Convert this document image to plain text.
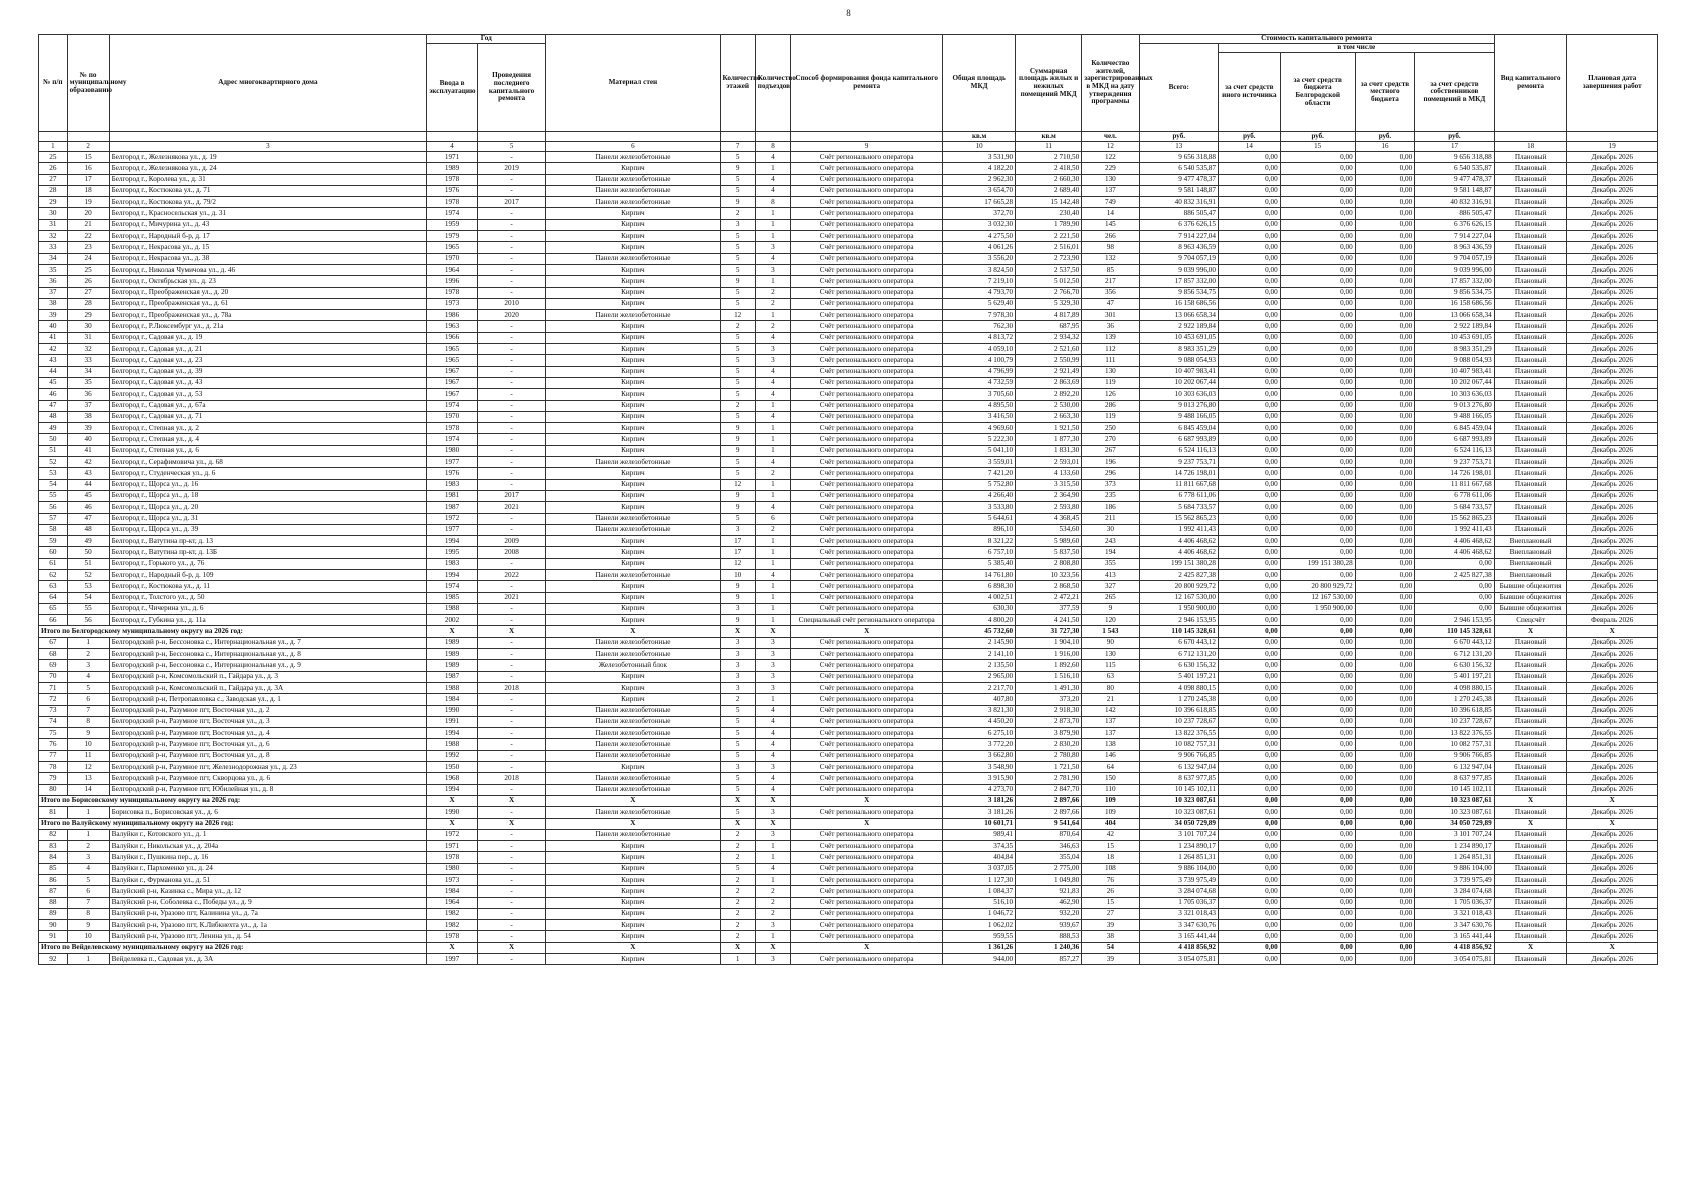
8
№ п/п	№ по муниципальному образованию	Адрес многоквартирного дома	Год		Материал стен	Количество этажей	Количество подъездов	Способ формирования фонда капитального ремонта	Общая площадь МКД	Суммарная площадь жилых и нежилых помещений МКД	Количество жителей, зарегистрированных в МКД на дату утверждения программы	Стоимость капитального ремонта					Вид капитального ремонта	Плановая дата завершения работ
			Ввода в эксплуатацию	Проведения последнего капитального ремонта								Всего:	в том числе					
													за счет средств иного источника	за счет средств бюджета Белгородской области	за счет средств местного бюджета	за счет средств собственников помещений в МКД		
									кв.м	кв.м	чел.	руб.	руб.	руб.	руб.	руб.		
1	2	3	4	5	6	7	8	9	10	11	12	13	14	15	16	17	18	19
25	15	Белгород г., Железнякова ул., д. 19	1971	-	Панели железобетонные	5	4	Счёт регионального оператора	3 531,90	2 710,50	122	9 656 318,88	0,00	0,00	0,00	9 656 318,88	Плановый	Декабрь 2026
26	16	Белгород г., Железнякова ул., д. 24	1989	2019	Кирпич	9	1	Счёт регионального оператора	4 182,20	2 418,50	229	6 540 535,87	0,00	0,00	0,00	6 540 535,87	Плановый	Декабрь 2026
27	17	Белгород г., Королева ул., д. 31	1978	-	Панели железобетонные	5	4	Счёт регионального оператора	2 962,30	2 660,30	130	9 477 478,37	0,00	0,00	0,00	9 477 478,37	Плановый	Декабрь 2026
28	18	Белгород г., Костюкова ул., д. 71	1976	-	Панели железобетонные	5	4	Счёт регионального оператора	3 654,70	2 689,40	137	9 581 148,87	0,00	0,00	0,00	9 581 148,87	Плановый	Декабрь 2026
29	19	Белгород г., Костюкова ул., д. 79/2	1978	2017	Панели железобетонные	9	8	Счёт регионального оператора	17 665,28	15 142,48	749	40 832 316,91	0,00	0,00	0,00	40 832 316,91	Плановый	Декабрь 2026
30	20	Белгород г., Красносельская ул., д. 31	1974	-	Кирпич	2	1	Счёт регионального оператора	372,70	230,40	14	886 505,47	0,00	0,00	0,00	886 505,47	Плановый	Декабрь 2026
31	21	Белгород г., Мичурина ул., д. 43	1959	-	Кирпич	3	1	Счёт регионального оператора	3 032,30	1 789,90	145	6 376 626,15	0,00	0,00	0,00	6 376 626,15	Плановый	Декабрь 2026
32	22	Белгород г., Народный б-р, д. 17	1979	-	Кирпич	5	1	Счёт регионального оператора	4 275,50	2 221,50	266	7 914 227,04	0,00	0,00	0,00	7 914 227,04	Плановый	Декабрь 2026
33	23	Белгород г., Некрасова ул., д. 15	1965	-	Кирпич	5	3	Счёт регионального оператора	4 061,26	2 516,01	98	8 963 436,59	0,00	0,00	0,00	8 963 436,59	Плановый	Декабрь 2026
34	24	Белгород г., Некрасова ул., д. 38	1970	-	Панели железобетонные	5	4	Счёт регионального оператора	3 556,20	2 723,90	132	9 704 057,19	0,00	0,00	0,00	9 704 057,19	Плановый	Декабрь 2026
35	25	Белгород г., Николая Чумичова ул., д. 46	1964	-	Кирпич	5	3	Счёт регионального оператора	3 824,50	2 537,50	85	9 039 996,00	0,00	0,00	0,00	9 039 996,00	Плановый	Декабрь 2026
36	26	Белгород г., Октябрьская ул., д. 23	1996	-	Кирпич	9	1	Счёт регионального оператора	7 219,10	5 012,50	217	17 857 332,00	0,00	0,00	0,00	17 857 332,00	Плановый	Декабрь 2026
37	27	Белгород г., Преображенская ул., д. 20	1978	-	Кирпич	5	2	Счёт регионального оператора	4 793,70	2 766,70	356	9 856 534,75	0,00	0,00	0,00	9 856 534,75	Плановый	Декабрь 2026
38	28	Белгород г., Преображенская ул., д. 61	1973	2010	Кирпич	5	2	Счёт регионального оператора	5 629,40	5 329,30	47	16 158 686,56	0,00	0,00	0,00	16 158 686,56	Плановый	Декабрь 2026
39	29	Белгород г., Преображенская ул., д. 78а	1986	2020	Панели железобетонные	12	1	Счёт регионального оператора	7 978,30	4 817,89	301	13 066 658,34	0,00	0,00	0,00	13 066 658,34	Плановый	Декабрь 2026
40	30	Белгород г., Р.Люксембург ул., д. 21а	1963	-	Кирпич	2	2	Счёт регионального оператора	762,30	687,95	36	2 922 189,84	0,00	0,00	0,00	2 922 189,84	Плановый	Декабрь 2026
41	31	Белгород г., Садовая ул., д. 19	1966	-	Кирпич	5	4	Счёт регионального оператора	4 813,72	2 934,32	139	10 453 691,05	0,00	0,00	0,00	10 453 691,05	Плановый	Декабрь 2026
42	32	Белгород г., Садовая ул., д. 21	1965	-	Кирпич	5	3	Счёт регионального оператора	4 059,10	2 521,60	112	8 983 351,29	0,00	0,00	0,00	8 983 351,29	Плановый	Декабрь 2026
43	33	Белгород г., Садовая ул., д. 23	1965	-	Кирпич	5	3	Счёт регионального оператора	4 100,79	2 550,99	111	9 088 054,93	0,00	0,00	0,00	9 088 054,93	Плановый	Декабрь 2026
44	34	Белгород г., Садовая ул., д. 39	1967	-	Кирпич	5	4	Счёт регионального оператора	4 796,99	2 921,49	130	10 407 983,41	0,00	0,00	0,00	10 407 983,41	Плановый	Декабрь 2026
45	35	Белгород г., Садовая ул., д. 43	1967	-	Кирпич	5	4	Счёт регионального оператора	4 732,59	2 863,69	119	10 202 067,44	0,00	0,00	0,00	10 202 067,44	Плановый	Декабрь 2026
46	36	Белгород г., Садовая ул., д. 53	1967	-	Кирпич	5	4	Счёт регионального оператора	3 705,60	2 892,20	126	10 303 636,03	0,00	0,00	0,00	10 303 636,03	Плановый	Декабрь 2026
47	37	Белгород г., Садовая ул., д. 67а	1974	-	Кирпич	2	1	Счёт регионального оператора	4 895,50	2 530,00	286	9 013 276,80	0,00	0,00	0,00	9 013 276,80	Плановый	Декабрь 2026
48	38	Белгород г., Садовая ул., д. 71	1970	-	Кирпич	5	4	Счёт регионального оператора	3 416,50	2 663,30	119	9 488 166,05	0,00	0,00	0,00	9 488 166,05	Плановый	Декабрь 2026
49	39	Белгород г., Степная ул., д. 2	1978	-	Кирпич	9	1	Счёт регионального оператора	4 969,60	1 921,50	250	6 845 459,04	0,00	0,00	0,00	6 845 459,04	Плановый	Декабрь 2026
50	40	Белгород г., Степная ул., д. 4	1974	-	Кирпич	9	1	Счёт регионального оператора	5 222,30	1 877,30	270	6 687 993,89	0,00	0,00	0,00	6 687 993,89	Плановый	Декабрь 2026
51	41	Белгород г., Степная ул., д. 6	1980	-	Кирпич	9	1	Счёт регионального оператора	5 041,10	1 831,30	267	6 524 116,13	0,00	0,00	0,00	6 524 116,13	Плановый	Декабрь 2026
52	42	Белгород г., Серафимовича ул., д. 68	1977	-	Панели железобетонные	5	4	Счёт регионального оператора	3 559,01	2 593,01	196	9 237 753,71	0,00	0,00	0,00	9 237 753,71	Плановый	Декабрь 2026
53	43	Белгород г., Студенческая ул., д. 6	1976	-	Кирпич	5	2	Счёт регионального оператора	7 421,20	4 133,60	296	14 726 198,01	0,00	0,00	0,00	14 726 198,01	Плановый	Декабрь 2026
54	44	Белгород г., Щорса ул., д. 16	1983	-	Кирпич	12	1	Счёт регионального оператора	5 752,80	3 315,50	373	11 811 667,68	0,00	0,00	0,00	11 811 667,68	Плановый	Декабрь 2026
55	45	Белгород г., Щорса ул., д. 18	1981	2017	Кирпич	9	1	Счёт регионального оператора	4 266,40	2 364,90	235	6 778 611,06	0,00	0,00	0,00	6 778 611,06	Плановый	Декабрь 2026
56	46	Белгород г., Щорса ул., д. 20	1987	2021	Кирпич	9	4	Счёт регионального оператора	3 533,80	2 593,80	186	5 684 733,57	0,00	0,00	0,00	5 684 733,57	Плановый	Декабрь 2026
57	47	Белгород г., Щорса ул., д. 31	1972	-	Панели железобетонные	5	6	Счёт регионального оператора	5 644,61	4 368,45	211	15 562 865,23	0,00	0,00	0,00	15 562 865,23	Плановый	Декабрь 2026
58	48	Белгород г., Щорса ул., д. 39	1977	-	Панели железобетонные	3	2	Счёт регионального оператора	896,10	534,60	30	1 992 411,43	0,00	0,00	0,00	1 992 411,43	Плановый	Декабрь 2026
59	49	Белгород г., Ватутина пр-кт, д. 13	1994	2009	Кирпич	17	1	Счёт регионального оператора	8 321,22	5 989,60	243	4 406 468,62	0,00	0,00	0,00	4 406 468,62	Внеплановый	Декабрь 2026
60	50	Белгород г., Ватутина пр-кт, д. 13Б	1995	2008	Кирпич	17	1	Счёт регионального оператора	6 757,10	5 837,50	194	4 406 468,62	0,00	0,00	0,00	4 406 468,62	Внеплановый	Декабрь 2026
61	51	Белгород г., Горького ул., д. 76	1983	-	Кирпич	12	1	Счёт регионального оператора	5 385,40	2 808,80	355	199 151 380,28	0,00	199 151 380,28	0,00	0,00	Внеплановый	Декабрь 2026
62	52	Белгород г., Народный б-р, д. 109	1994	2022	Панели железобетонные	10	4	Счёт регионального оператора	14 761,80	10 323,56	413	2 425 827,38	0,00	0,00	0,00	2 425 827,38	Внеплановый	Декабрь 2026
63	53	Белгород г., Костюкова ул., д. 11	1974	-	Кирпич	9	1	Счёт регионального оператора	6 898,30	2 868,50	327	20 800 929,72	0,00	20 800 929,72	0,00	0,00	Бывшие общежития	Декабрь 2026
64	54	Белгород г., Толстого ул., д. 50	1985	2021	Кирпич	9	1	Счёт регионального оператора	4 002,51	2 472,21	265	12 167 530,00	0,00	12 167 530,00	0,00	0,00	Бывшие общежития	Декабрь 2026
65	55	Белгород г., Чичерина ул., д. 6	1988	-	Кирпич	3	1	Счёт регионального оператора	630,30	377,59	9	1 950 900,00	0,00	1 950 900,00	0,00	0,00	Бывшие общежития	Декабрь 2026
66	56	Белгород г., Губкина ул., д. 11а	2002	-	Кирпич	9	1	Специальный счёт регионального оператора	4 800,20	4 241,50	120	2 946 153,95	0,00	0,00	0,00	2 946 153,95	Спецсчёт	Февраль 2026
Итого по Белгородскому муниципальному округу на 2026 год:			X	X	X	X	X	X	45 732,60	31 727,30	1 543	110 145 328,61	0,00	0,00	0,00	110 145 328,61	X	X
67	1	Белгородский р-н, Бессоновка с., Интернациональная ул., д. 7	1989	-	Панели железобетонные	3	3	Счёт регионального оператора	2 145,90	1 904,10	90	6 670 443,12	0,00	0,00	0,00	6 670 443,12	Плановый	Декабрь 2026
68	2	Белгородский р-н, Бессоновка с., Интернациональная ул., д. 8	1989	-	Панели железобетонные	3	3	Счёт регионального оператора	2 141,10	1 916,00	130	6 712 131,20	0,00	0,00	0,00	6 712 131,20	Плановый	Декабрь 2026
69	3	Белгородский р-н, Бессоновка с., Интернациональная ул., д. 9	1989	-	Железобетонный блок	3	3	Счёт регионального оператора	2 135,50	1 892,60	115	6 630 156,32	0,00	0,00	0,00	6 630 156,32	Плановый	Декабрь 2026
70	4	Белгородский р-н, Комсомольский п., Гайдара ул., д. 3	1987	-	Кирпич	3	3	Счёт регионального оператора	2 965,00	1 516,10	63	5 401 197,21	0,00	0,00	0,00	5 401 197,21	Плановый	Декабрь 2026
71	5	Белгородский р-н, Комсомольский п., Гайдара ул., д. 3А	1988	2018	Кирпич	3	3	Счёт регионального оператора	2 217,70	1 491,30	80	4 098 880,15	0,00	0,00	0,00	4 098 880,15	Плановый	Декабрь 2026
72	6	Белгородский р-н, Петропавловка с., Заводская ул., д. 1	1984	-	Кирпич	2	1	Счёт регионального оператора	407,80	373,20	21	1 270 245,38	0,00	0,00	0,00	1 270 245,38	Плановый	Декабрь 2026
73	7	Белгородский р-н, Разумное пгт, Восточная ул., д. 2	1990	-	Панели железобетонные	5	4	Счёт регионального оператора	3 821,30	2 918,30	142	10 396 618,85	0,00	0,00	0,00	10 396 618,85	Плановый	Декабрь 2026
74	8	Белгородский р-н, Разумное пгт, Восточная ул., д. 3	1991	-	Панели железобетонные	5	4	Счёт регионального оператора	4 450,20	2 873,70	137	10 237 728,67	0,00	0,00	0,00	10 237 728,67	Плановый	Декабрь 2026
75	9	Белгородский р-н, Разумное пгт, Восточная ул., д. 4	1994	-	Панели железобетонные	5	4	Счёт регионального оператора	6 275,10	3 879,90	137	13 822 376,55	0,00	0,00	0,00	13 822 376,55	Плановый	Декабрь 2026
76	10	Белгородский р-н, Разумное пгт, Восточная ул., д. 6	1988	-	Панели железобетонные	5	4	Счёт регионального оператора	3 772,20	2 830,20	138	10 082 757,31	0,00	0,00	0,00	10 082 757,31	Плановый	Декабрь 2026
77	11	Белгородский р-н, Разумное пгт, Восточная ул., д. 8	1992	-	Панели железобетонные	5	4	Счёт регионального оператора	3 662,80	2 780,80	146	9 906 766,85	0,00	0,00	0,00	9 906 766,85	Плановый	Декабрь 2026
78	12	Белгородский р-н, Разумное пгт, Железнодорожная ул., д. 23	1950	-	Кирпич	3	3	Счёт регионального оператора	3 548,90	1 721,50	64	6 132 947,04	0,00	0,00	0,00	6 132 947,04	Плановый	Декабрь 2026
79	13	Белгородский р-н, Разумное пгт, Скворцова ул., д. 6	1968	2018	Панели железобетонные	5	4	Счёт регионального оператора	3 915,90	2 781,90	150	8 637 977,85	0,00	0,00	0,00	8 637 977,85	Плановый	Декабрь 2026
80	14	Белгородский р-н, Разумное пгт, Юбилейная ул., д. 8	1994	-	Панели железобетонные	5	4	Счёт регионального оператора	4 273,70	2 847,70	110	10 145 102,11	0,00	0,00	0,00	10 145 102,11	Плановый	Декабрь 2026
Итого по Борисовскому муниципальному округу на 2026 год:			X	X	X	X	X	X	3 181,26	2 897,66	109	10 323 087,61	0,00	0,00	0,00	10 323 087,61	X	X
81	1	Борисовка п., Борисовская ул., д. 6	1990	-	Панели железобетонные	5	3	Счёт регионального оператора	3 181,26	2 897,66	109	10 323 087,61	0,00	0,00	0,00	10 323 087,61	Плановый	Декабрь 2026
Итого по Валуйскому муниципальному округу на 2026 год:			X	X	X	X	X	X	10 601,71	9 541,64	404	34 050 729,89	0,00	0,00	0,00	34 050 729,89	X	X
82	1	Валуйки г., Котовского ул., д. 1	1972	-	Панели железобетонные	2	3	Счёт регионального оператора	989,41	870,64	42	3 101 707,24	0,00	0,00	0,00	3 101 707,24	Плановый	Декабрь 2026
83	2	Валуйки г., Никольская ул., д. 204а	1971	-	Кирпич	2	1	Счёт регионального оператора	374,35	346,63	15	1 234 890,17	0,00	0,00	0,00	1 234 890,17	Плановый	Декабрь 2026
84	3	Валуйки г., Пушкина пер., д. 16	1978	-	Кирпич	2	1	Счёт регионального оператора	404,84	355,04	18	1 264 851,31	0,00	0,00	0,00	1 264 851,31	Плановый	Декабрь 2026
85	4	Валуйки г., Пархоменко ул., д. 24	1980	-	Кирпич	5	4	Счёт регионального оператора	3 037,05	2 775,00	108	9 886 104,00	0,00	0,00	0,00	9 886 104,00	Плановый	Декабрь 2026
86	5	Валуйки г., Фурманова ул., д. 51	1973	-	Кирпич	2	1	Счёт регионального оператора	1 127,30	1 049,80	76	3 739 975,49	0,00	0,00	0,00	3 739 975,49	Плановый	Декабрь 2026
87	6	Валуйский р-н, Казинка с., Мира ул., д. 12	1984	-	Кирпич	2	2	Счёт регионального оператора	1 084,37	921,83	26	3 284 074,68	0,00	0,00	0,00	3 284 074,68	Плановый	Декабрь 2026
88	7	Валуйский р-н, Соболевка с., Победы ул., д. 9	1964	-	Кирпич	2	2	Счёт регионального оператора	516,10	462,90	15	1 705 036,37	0,00	0,00	0,00	1 705 036,37	Плановый	Декабрь 2026
89	8	Валуйский р-н, Уразово пгт, Калинина ул., д. 7а	1982	-	Кирпич	2	2	Счёт регионального оператора	1 046,72	932,20	27	3 321 018,43	0,00	0,00	0,00	3 321 018,43	Плановый	Декабрь 2026
90	9	Валуйский р-н, Уразово пгт, К.Либкнехта ул., д. 1а	1982	-	Кирпич	2	3	Счёт регионального оператора	1 062,02	939,67	39	3 347 630,76	0,00	0,00	0,00	3 347 630,76	Плановый	Декабрь 2026
91	10	Валуйский р-н, Уразово пгт, Ленина ул., д. 54	1978	-	Кирпич	2	1	Счёт регионального оператора	959,55	888,53	38	3 165 441,44	0,00	0,00	0,00	3 165 441,44	Плановый	Декабрь 2026
Итого по Вейделевскому муниципальному округу на 2026 год:			X	X	X	X	X	X	1 361,26	1 240,36	54	4 418 856,92	0,00	0,00	0,00	4 418 856,92	X	X
92	1	Вейделевка п., Садовая ул., д. 3А	1997	-	Кирпич	1	3	Счёт регионального оператора	944,00	857,27	39	3 054 075,81	0,00	0,00	0,00	3 054 075,81	Плановый	Декабрь 2026
